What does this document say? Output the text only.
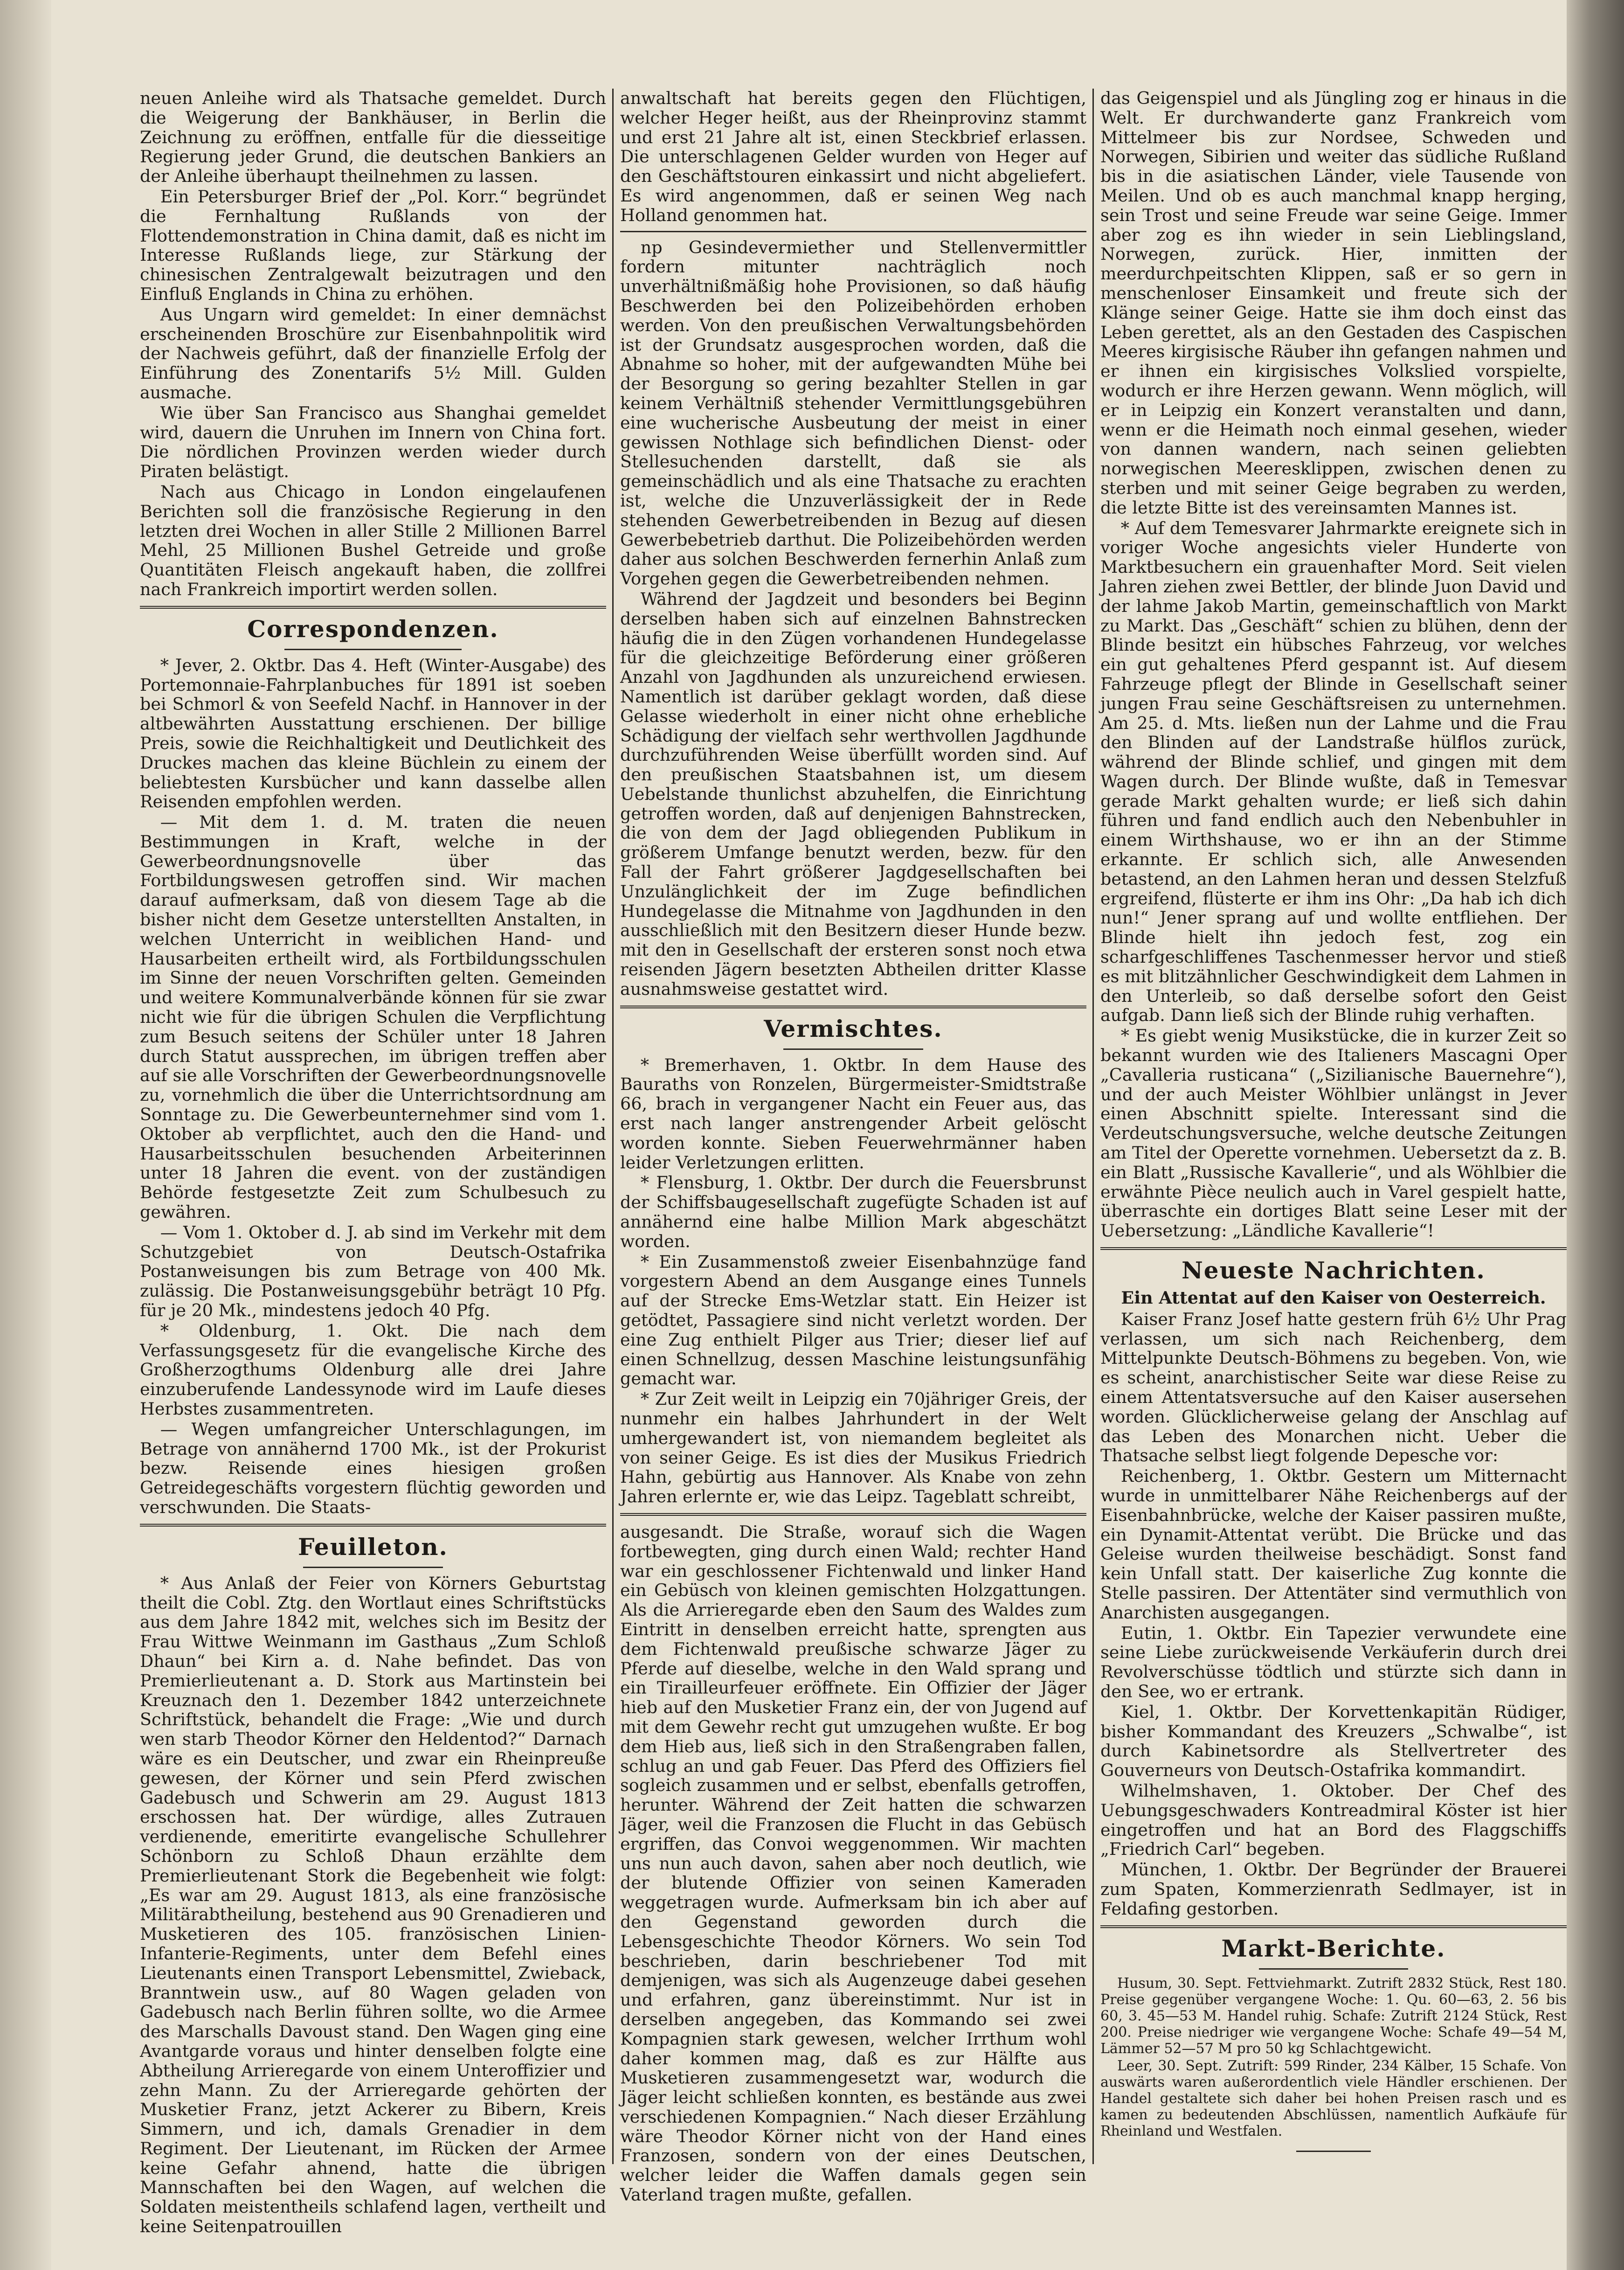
neuen Anleihe wird als Thatsache gemeldet. Durch die Weigerung der Bankhäuser, in Berlin die Zeichnung zu eröffnen, entfalle für die diesseitige Regierung jeder Grund, die deutschen Bankiers an der Anleihe überhaupt theilnehmen zu lassen.

Ein Petersburger Brief der „Pol. Korr.“ begründet die Fernhaltung Rußlands von der Flottendemonstration in China damit, daß es nicht im Interesse Rußlands liege, zur Stärkung der chinesischen Zentralgewalt beizutragen und den Einfluß Englands in China zu erhöhen.

Aus Ungarn wird gemeldet: In einer demnächst erscheinenden Broschüre zur Eisenbahnpolitik wird der Nachweis geführt, daß der finanzielle Erfolg der Einführung des Zonentarifs 5½ Mill. Gulden ausmache.

Wie über San Francisco aus Shanghai gemeldet wird, dauern die Unruhen im Innern von China fort. Die nördlichen Provinzen werden wieder durch Piraten belästigt.

Nach aus Chicago in London eingelaufenen Berichten soll die französische Regierung in den letzten drei Wochen in aller Stille 2 Millionen Barrel Mehl, 25 Millionen Bushel Getreide und große Quantitäten Fleisch angekauft haben, die zollfrei nach Frankreich importirt werden sollen.

Correspondenzen.

* Jever, 2. Oktbr. Das 4. Heft (Winter-Ausgabe) des Portemonnaie-Fahrplanbuches für 1891 ist soeben bei Schmorl & von Seefeld Nachf. in Hannover in der altbewährten Ausstattung erschienen. Der billige Preis, sowie die Reichhaltigkeit und Deutlichkeit des Druckes machen das kleine Büchlein zu einem der beliebtesten Kursbücher und kann dasselbe allen Reisenden empfohlen werden.

— Mit dem 1. d. M. traten die neuen Bestimmungen in Kraft, welche in der Gewerbeordnungsnovelle über das Fortbildungswesen getroffen sind. Wir machen darauf aufmerksam, daß von diesem Tage ab die bisher nicht dem Gesetze unterstellten Anstalten, in welchen Unterricht in weiblichen Hand- und Hausarbeiten ertheilt wird, als Fortbildungsschulen im Sinne der neuen Vorschriften gelten. Gemeinden und weitere Kommunalverbände können für sie zwar nicht wie für die übrigen Schulen die Verpflichtung zum Besuch seitens der Schüler unter 18 Jahren durch Statut aussprechen, im übrigen treffen aber auf sie alle Vorschriften der Gewerbeordnungsnovelle zu, vornehmlich die über die Unterrichtsordnung am Sonntage zu. Die Gewerbeunternehmer sind vom 1. Oktober ab verpflichtet, auch den die Hand- und Hausarbeitsschulen besuchenden Arbeiterinnen unter 18 Jahren die event. von der zuständigen Behörde festgesetzte Zeit zum Schulbesuch zu gewähren.

— Vom 1. Oktober d. J. ab sind im Verkehr mit dem Schutzgebiet von Deutsch-Ostafrika Postanweisungen bis zum Betrage von 400 Mk. zulässig. Die Postanweisungsgebühr beträgt 10 Pfg. für je 20 Mk., mindestens jedoch 40 Pfg.

* Oldenburg, 1. Okt. Die nach dem Verfassungsgesetz für die evangelische Kirche des Großherzogthums Oldenburg alle drei Jahre einzuberufende Landessynode wird im Laufe dieses Herbstes zusammentreten.

— Wegen umfangreicher Unterschlagungen, im Betrage von annähernd 1700 Mk., ist der Prokurist bezw. Reisende eines hiesigen großen Getreidegeschäfts vorgestern flüchtig geworden und verschwunden. Die Staats-

Feuilleton.

* Aus Anlaß der Feier von Körners Geburtstag theilt die Cobl. Ztg. den Wortlaut eines Schriftstücks aus dem Jahre 1842 mit, welches sich im Besitz der Frau Wittwe Weinmann im Gasthaus „Zum Schloß Dhaun“ bei Kirn a. d. Nahe befindet. Das von Premierlieutenant a. D. Stork aus Martinstein bei Kreuznach den 1. Dezember 1842 unterzeichnete Schriftstück, behandelt die Frage: „Wie und durch wen starb Theodor Körner den Heldentod?“ Darnach wäre es ein Deutscher, und zwar ein Rheinpreuße gewesen, der Körner und sein Pferd zwischen Gadebusch und Schwerin am 29. August 1813 erschossen hat. Der würdige, alles Zutrauen verdienende, emeritirte evangelische Schullehrer Schönborn zu Schloß Dhaun erzählte dem Premierlieutenant Stork die Begebenheit wie folgt: „Es war am 29. August 1813, als eine französische Militärabtheilung, bestehend aus 90 Grenadieren und Musketieren des 105. französischen Linien-Infanterie-Regiments, unter dem Befehl eines Lieutenants einen Transport Lebensmittel, Zwieback, Branntwein usw., auf 80 Wagen geladen von Gadebusch nach Berlin führen sollte, wo die Armee des Marschalls Davoust stand. Den Wagen ging eine Avantgarde voraus und hinter denselben folgte eine Abtheilung Arrieregarde von einem Unteroffizier und zehn Mann. Zu der Arrieregarde gehörten der Musketier Franz, jetzt Ackerer zu Bibern, Kreis Simmern, und ich, damals Grenadier in dem Regiment. Der Lieutenant, im Rücken der Armee keine Gefahr ahnend, hatte die übrigen Mannschaften bei den Wagen, auf welchen die Soldaten meistentheils schlafend lagen, vertheilt und keine Seitenpatrouillen

anwaltschaft hat bereits gegen den Flüchtigen, welcher Heger heißt, aus der Rheinprovinz stammt und erst 21 Jahre alt ist, einen Steckbrief erlassen. Die unterschlagenen Gelder wurden von Heger auf den Geschäftstouren einkassirt und nicht abgeliefert. Es wird angenommen, daß er seinen Weg nach Holland genommen hat.

np Gesindevermiether und Stellenvermittler fordern mitunter nachträglich noch unverhältnißmäßig hohe Provisionen, so daß häufig Beschwerden bei den Polizeibehörden erhoben werden. Von den preußischen Verwaltungsbehörden ist der Grundsatz ausgesprochen worden, daß die Abnahme so hoher, mit der aufgewandten Mühe bei der Besorgung so gering bezahlter Stellen in gar keinem Verhältniß stehender Vermittlungsgebühren eine wucherische Ausbeutung der meist in einer gewissen Nothlage sich befindlichen Dienst- oder Stellesuchenden darstellt, daß sie als gemeinschädlich und als eine Thatsache zu erachten ist, welche die Unzuverlässigkeit der in Rede stehenden Gewerbetreibenden in Bezug auf diesen Gewerbebetrieb darthut. Die Polizeibehörden werden daher aus solchen Beschwerden fernerhin Anlaß zum Vorgehen gegen die Gewerbetreibenden nehmen.

Während der Jagdzeit und besonders bei Beginn derselben haben sich auf einzelnen Bahnstrecken häufig die in den Zügen vorhandenen Hundegelasse für die gleichzeitige Beförderung einer größeren Anzahl von Jagdhunden als unzureichend erwiesen. Namentlich ist darüber geklagt worden, daß diese Gelasse wiederholt in einer nicht ohne erhebliche Schädigung der vielfach sehr werthvollen Jagdhunde durchzuführenden Weise überfüllt worden sind. Auf den preußischen Staatsbahnen ist, um diesem Uebelstande thunlichst abzuhelfen, die Einrichtung getroffen worden, daß auf denjenigen Bahnstrecken, die von dem der Jagd obliegenden Publikum in größerem Umfange benutzt werden, bezw. für den Fall der Fahrt größerer Jagdgesellschaften bei Unzulänglichkeit der im Zuge befindlichen Hundegelasse die Mitnahme von Jagdhunden in den ausschließlich mit den Besitzern dieser Hunde bezw. mit den in Gesellschaft der ersteren sonst noch etwa reisenden Jägern besetzten Abtheilen dritter Klasse ausnahmsweise gestattet wird.

Vermischtes.

* Bremerhaven, 1. Oktbr. In dem Hause des Bauraths von Ronzelen, Bürgermeister-Smidtstraße 66, brach in vergangener Nacht ein Feuer aus, das erst nach langer anstrengender Arbeit gelöscht worden konnte. Sieben Feuerwehrmänner haben leider Verletzungen erlitten.

* Flensburg, 1. Oktbr. Der durch die Feuersbrunst der Schiffsbaugesellschaft zugefügte Schaden ist auf annähernd eine halbe Million Mark abgeschätzt worden.

* Ein Zusammenstoß zweier Eisenbahnzüge fand vorgestern Abend an dem Ausgange eines Tunnels auf der Strecke Ems-Wetzlar statt. Ein Heizer ist getödtet, Passagiere sind nicht verletzt worden. Der eine Zug enthielt Pilger aus Trier; dieser lief auf einen Schnellzug, dessen Maschine leistungsunfähig gemacht war.

* Zur Zeit weilt in Leipzig ein 70jähriger Greis, der nunmehr ein halbes Jahrhundert in der Welt umhergewandert ist, von niemandem begleitet als von seiner Geige. Es ist dies der Musikus Friedrich Hahn, gebürtig aus Hannover. Als Knabe von zehn Jahren erlernte er, wie das Leipz. Tageblatt schreibt,

ausgesandt. Die Straße, worauf sich die Wagen fortbewegten, ging durch einen Wald; rechter Hand war ein geschlossener Fichtenwald und linker Hand ein Gebüsch von kleinen gemischten Holzgattungen. Als die Arrieregarde eben den Saum des Waldes zum Eintritt in denselben erreicht hatte, sprengten aus dem Fichtenwald preußische schwarze Jäger zu Pferde auf dieselbe, welche in den Wald sprang und ein Tirailleurfeuer eröffnete. Ein Offizier der Jäger hieb auf den Musketier Franz ein, der von Jugend auf mit dem Gewehr recht gut umzugehen wußte. Er bog dem Hieb aus, ließ sich in den Straßengraben fallen, schlug an und gab Feuer. Das Pferd des Offiziers fiel sogleich zusammen und er selbst, ebenfalls getroffen, herunter. Während der Zeit hatten die schwarzen Jäger, weil die Franzosen die Flucht in das Gebüsch ergriffen, das Convoi weggenommen. Wir machten uns nun auch davon, sahen aber noch deutlich, wie der blutende Offizier von seinen Kameraden weggetragen wurde. Aufmerksam bin ich aber auf den Gegenstand geworden durch die Lebensgeschichte Theodor Körners. Wo sein Tod beschrieben, darin beschriebener Tod mit demjenigen, was sich als Augenzeuge dabei gesehen und erfahren, ganz übereinstimmt. Nur ist in derselben angegeben, das Kommando sei zwei Kompagnien stark gewesen, welcher Irrthum wohl daher kommen mag, daß es zur Hälfte aus Musketieren zusammengesetzt war, wodurch die Jäger leicht schließen konnten, es bestände aus zwei verschiedenen Kompagnien.“ Nach dieser Erzählung wäre Theodor Körner nicht von der Hand eines Franzosen, sondern von der eines Deutschen, welcher leider die Waffen damals gegen sein Vaterland tragen mußte, gefallen.

das Geigenspiel und als Jüngling zog er hinaus in die Welt. Er durchwanderte ganz Frankreich vom Mittelmeer bis zur Nordsee, Schweden und Norwegen, Sibirien und weiter das südliche Rußland bis in die asiatischen Länder, viele Tausende von Meilen. Und ob es auch manchmal knapp herging, sein Trost und seine Freude war seine Geige. Immer aber zog es ihn wieder in sein Lieblingsland, Norwegen, zurück. Hier, inmitten der meerdurchpeitschten Klippen, saß er so gern in menschenloser Einsamkeit und freute sich der Klänge seiner Geige. Hatte sie ihm doch einst das Leben gerettet, als an den Gestaden des Caspischen Meeres kirgisische Räuber ihn gefangen nahmen und er ihnen ein kirgisisches Volkslied vorspielte, wodurch er ihre Herzen gewann. Wenn möglich, will er in Leipzig ein Konzert veranstalten und dann, wenn er die Heimath noch einmal gesehen, wieder von dannen wandern, nach seinen geliebten norwegischen Meeresklippen, zwischen denen zu sterben und mit seiner Geige begraben zu werden, die letzte Bitte ist des vereinsamten Mannes ist.

* Auf dem Temesvarer Jahrmarkte ereignete sich in voriger Woche angesichts vieler Hunderte von Marktbesuchern ein grauenhafter Mord. Seit vielen Jahren ziehen zwei Bettler, der blinde Juon David und der lahme Jakob Martin, gemeinschaftlich von Markt zu Markt. Das „Geschäft“ schien zu blühen, denn der Blinde besitzt ein hübsches Fahrzeug, vor welches ein gut gehaltenes Pferd gespannt ist. Auf diesem Fahrzeuge pflegt der Blinde in Gesellschaft seiner jungen Frau seine Geschäftsreisen zu unternehmen. Am 25. d. Mts. ließen nun der Lahme und die Frau den Blinden auf der Landstraße hülflos zurück, während der Blinde schlief, und gingen mit dem Wagen durch. Der Blinde wußte, daß in Temesvar gerade Markt gehalten wurde; er ließ sich dahin führen und fand endlich auch den Nebenbuhler in einem Wirthshause, wo er ihn an der Stimme erkannte. Er schlich sich, alle Anwesenden betastend, an den Lahmen heran und dessen Stelzfuß ergreifend, flüsterte er ihm ins Ohr: „Da hab ich dich nun!“ Jener sprang auf und wollte entfliehen. Der Blinde hielt ihn jedoch fest, zog ein scharfgeschliffenes Taschenmesser hervor und stieß es mit blitzähnlicher Geschwindigkeit dem Lahmen in den Unterleib, so daß derselbe sofort den Geist aufgab. Dann ließ sich der Blinde ruhig verhaften.

* Es giebt wenig Musikstücke, die in kurzer Zeit so bekannt wurden wie des Italieners Mascagni Oper „Cavalleria rusticana“ („Sizilianische Bauernehre“), und der auch Meister Wöhlbier unlängst in Jever einen Abschnitt spielte. Interessant sind die Verdeutschungsversuche, welche deutsche Zeitungen am Titel der Operette vornehmen. Uebersetzt da z. B. ein Blatt „Russische Kavallerie“, und als Wöhlbier die erwähnte Pièce neulich auch in Varel gespielt hatte, überraschte ein dortiges Blatt seine Leser mit der Uebersetzung: „Ländliche Kavallerie“!

Neueste Nachrichten.
Ein Attentat auf den Kaiser von Oesterreich.

Kaiser Franz Josef hatte gestern früh 6½ Uhr Prag verlassen, um sich nach Reichenberg, dem Mittelpunkte Deutsch-Böhmens zu begeben. Von, wie es scheint, anarchistischer Seite war diese Reise zu einem Attentatsversuche auf den Kaiser ausersehen worden. Glücklicherweise gelang der Anschlag auf das Leben des Monarchen nicht. Ueber die Thatsache selbst liegt folgende Depesche vor:

Reichenberg, 1. Oktbr. Gestern um Mitternacht wurde in unmittelbarer Nähe Reichenbergs auf der Eisenbahnbrücke, welche der Kaiser passiren mußte, ein Dynamit-Attentat verübt. Die Brücke und das Geleise wurden theilweise beschädigt. Sonst fand kein Unfall statt. Der kaiserliche Zug konnte die Stelle passiren. Der Attentäter sind vermuthlich von Anarchisten ausgegangen.

Eutin, 1. Oktbr. Ein Tapezier verwundete eine seine Liebe zurückweisende Verkäuferin durch drei Revolverschüsse tödtlich und stürzte sich dann in den See, wo er ertrank.

Kiel, 1. Oktbr. Der Korvettenkapitän Rüdiger, bisher Kommandant des Kreuzers „Schwalbe“, ist durch Kabinetsordre als Stellvertreter des Gouverneurs von Deutsch-Ostafrika kommandirt.

Wilhelmshaven, 1. Oktober. Der Chef des Uebungsgeschwaders Kontreadmiral Köster ist hier eingetroffen und hat an Bord des Flaggschiffs „Friedrich Carl“ begeben.

München, 1. Oktbr. Der Begründer der Brauerei zum Spaten, Kommerzienrath Sedlmayer, ist in Feldafing gestorben.

Markt-Berichte.

Husum, 30. Sept. Fettviehmarkt. Zutrift 2832 Stück, Rest 180. Preise gegenüber vergangene Woche: 1. Qu. 60—63, 2. 56 bis 60, 3. 45—53 M. Handel ruhig. Schafe: Zutrift 2124 Stück, Rest 200. Preise niedriger wie vergangene Woche: Schafe 49—54 M, Lämmer 52—57 M pro 50 kg Schlachtgewicht.

Leer, 30. Sept. Zutrift: 599 Rinder, 234 Kälber, 15 Schafe. Von auswärts waren außerordentlich viele Händler erschienen. Der Handel gestaltete sich daher bei hohen Preisen rasch und es kamen zu bedeutenden Abschlüssen, namentlich Aufkäufe für Rheinland und Westfalen.
